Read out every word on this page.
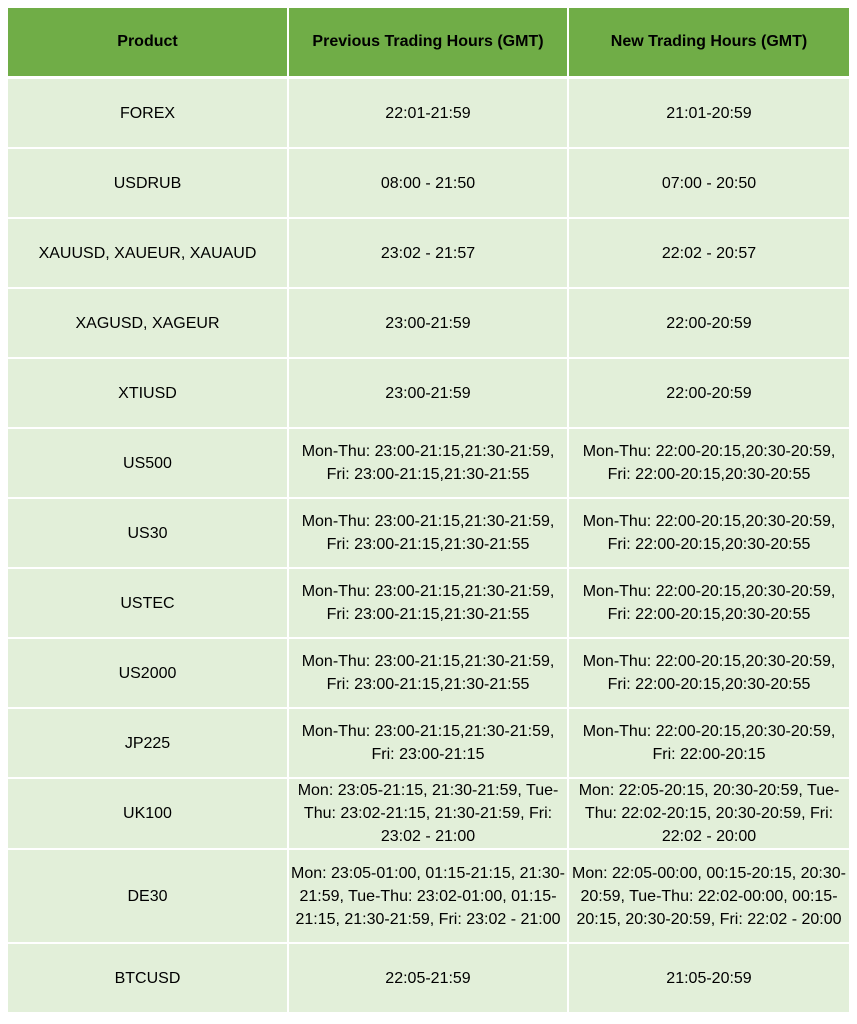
Product	Previous Trading Hours (GMT)	New Trading Hours (GMT)
FOREX	22:01-21:59	21:01-20:59
USDRUB	08:00 - 21:50	07:00 - 20:50
XAUUSD, XAUEUR, XAUAUD	23:02 - 21:57	22:02 - 20:57
XAGUSD, XAGEUR	23:00-21:59	22:00-20:59
XTIUSD	23:00-21:59	22:00-20:59
US500	Mon-Thu: 23:00-21:15,21:30-21:59, Fri: 23:00-21:15,21:30-21:55	Mon-Thu: 22:00-20:15,20:30-20:59, Fri: 22:00-20:15,20:30-20:55
US30	Mon-Thu: 23:00-21:15,21:30-21:59, Fri: 23:00-21:15,21:30-21:55	Mon-Thu: 22:00-20:15,20:30-20:59, Fri: 22:00-20:15,20:30-20:55
USTEC	Mon-Thu: 23:00-21:15,21:30-21:59, Fri: 23:00-21:15,21:30-21:55	Mon-Thu: 22:00-20:15,20:30-20:59, Fri: 22:00-20:15,20:30-20:55
US2000	Mon-Thu: 23:00-21:15,21:30-21:59, Fri: 23:00-21:15,21:30-21:55	Mon-Thu: 22:00-20:15,20:30-20:59, Fri: 22:00-20:15,20:30-20:55
JP225	Mon-Thu: 23:00-21:15,21:30-21:59, Fri: 23:00-21:15	Mon-Thu: 22:00-20:15,20:30-20:59, Fri: 22:00-20:15
UK100	Mon: 23:05-21:15, 21:30-21:59, Tue-Thu: 23:02-21:15, 21:30-21:59, Fri: 23:02 - 21:00	Mon: 22:05-20:15, 20:30-20:59, Tue-Thu: 22:02-20:15, 20:30-20:59, Fri: 22:02 - 20:00
DE30	Mon: 23:05-01:00, 01:15-21:15, 21:30-21:59, Tue-Thu: 23:02-01:00, 01:15-21:15, 21:30-21:59, Fri: 23:02 - 21:00	Mon: 22:05-00:00, 00:15-20:15, 20:30-20:59, Tue-Thu: 22:02-00:00, 00:15-20:15, 20:30-20:59, Fri: 22:02 - 20:00
BTCUSD	22:05-21:59	21:05-20:59
